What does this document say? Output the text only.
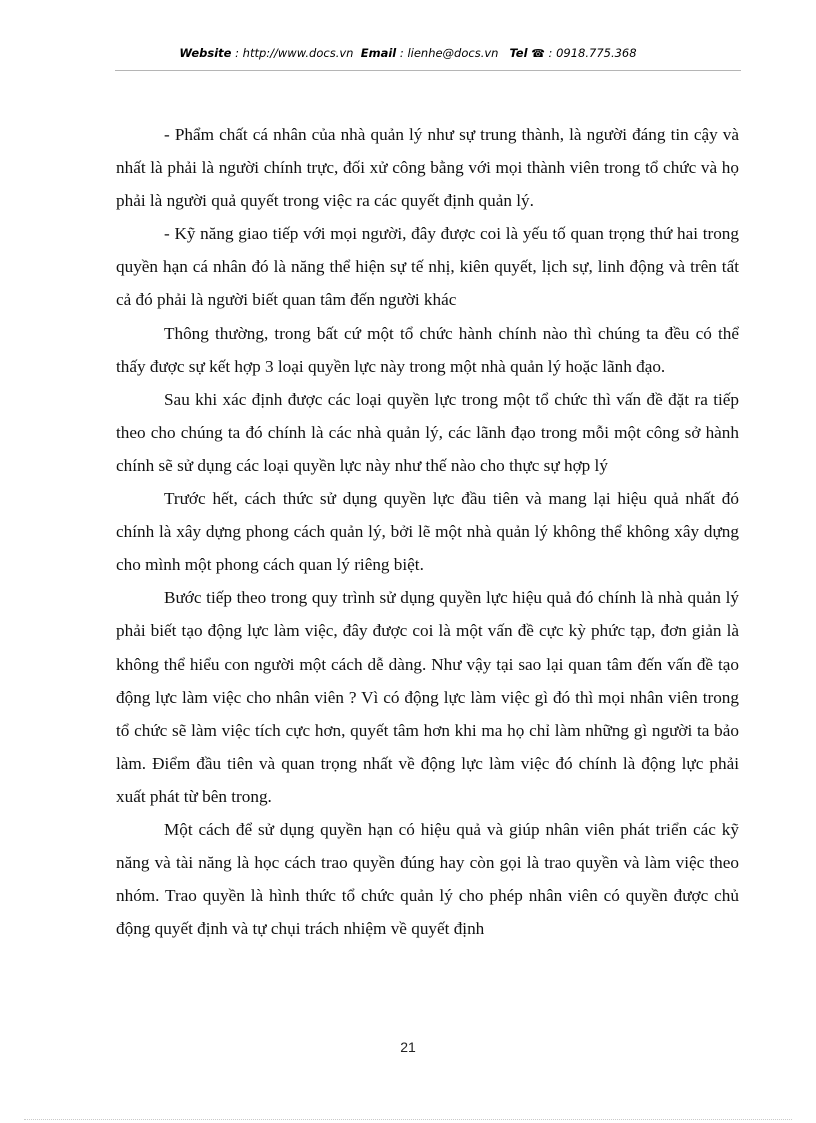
Website : http://www.docs.vn Email : lienhe@docs.vn Tel ☎ : 0918.775.368

- Phẩm chất cá nhân của nhà quản lý như sự trung thành, là người đáng tin cậy và nhất là phải là người chính trực, đối xử công bằng với mọi thành viên trong tổ chức và họ phải là người quả quyết trong việc ra các quyết định quản lý.

- Kỹ năng giao tiếp với mọi người, đây được coi là yếu tố quan trọng thứ hai trong quyền hạn cá nhân đó là năng thể hiện sự tế nhị, kiên quyết, lịch sự, linh động và trên tất cả đó phải là người biết quan tâm đến người khác

Thông thường, trong bất cứ một tổ chức hành chính nào thì chúng ta đều có thể thấy được sự kết hợp 3 loại quyền lực này trong một nhà quản lý hoặc lãnh đạo.

Sau khi xác định được các loại quyền lực trong một tổ chức thì vấn đề đặt ra tiếp theo cho chúng ta đó chính là các nhà quản lý, các lãnh đạo trong mỗi một công sở hành chính sẽ sử dụng các loại quyền lực này như thế nào cho thực sự hợp lý

Trước hết, cách thức sử dụng quyền lực đầu tiên và mang lại hiệu quả nhất đó chính là xây dựng phong cách quản lý, bởi lẽ một nhà quản lý không thể không xây dựng cho mình một phong cách quan lý riêng biệt.

Bước tiếp theo trong quy trình sử dụng quyền lực hiệu quả đó chính là nhà quản lý phải biết tạo động lực làm việc, đây được coi là một vấn đề cực kỳ phức tạp, đơn giản là không thể hiểu con người một cách dễ dàng. Như vậy tại sao lại quan tâm đến vấn đề tạo động lực làm việc cho nhân viên ? Vì có động lực làm việc gì đó thì mọi nhân viên trong tổ chức sẽ làm việc tích cực hơn, quyết tâm hơn khi ma họ chỉ làm những gì người ta bảo làm. Điểm đầu tiên và quan trọng nhất về động lực làm việc đó chính là động lực phải xuất phát từ bên trong.

Một cách để sử dụng quyền hạn có hiệu quả và giúp nhân viên phát triển các kỹ năng và tài năng là học cách trao quyền đúng hay còn gọi là trao quyền và làm việc theo nhóm. Trao quyền là hình thức tổ chức quản lý cho phép nhân viên có quyền được chủ động quyết định và tự chụi trách nhiệm về quyết định

21
